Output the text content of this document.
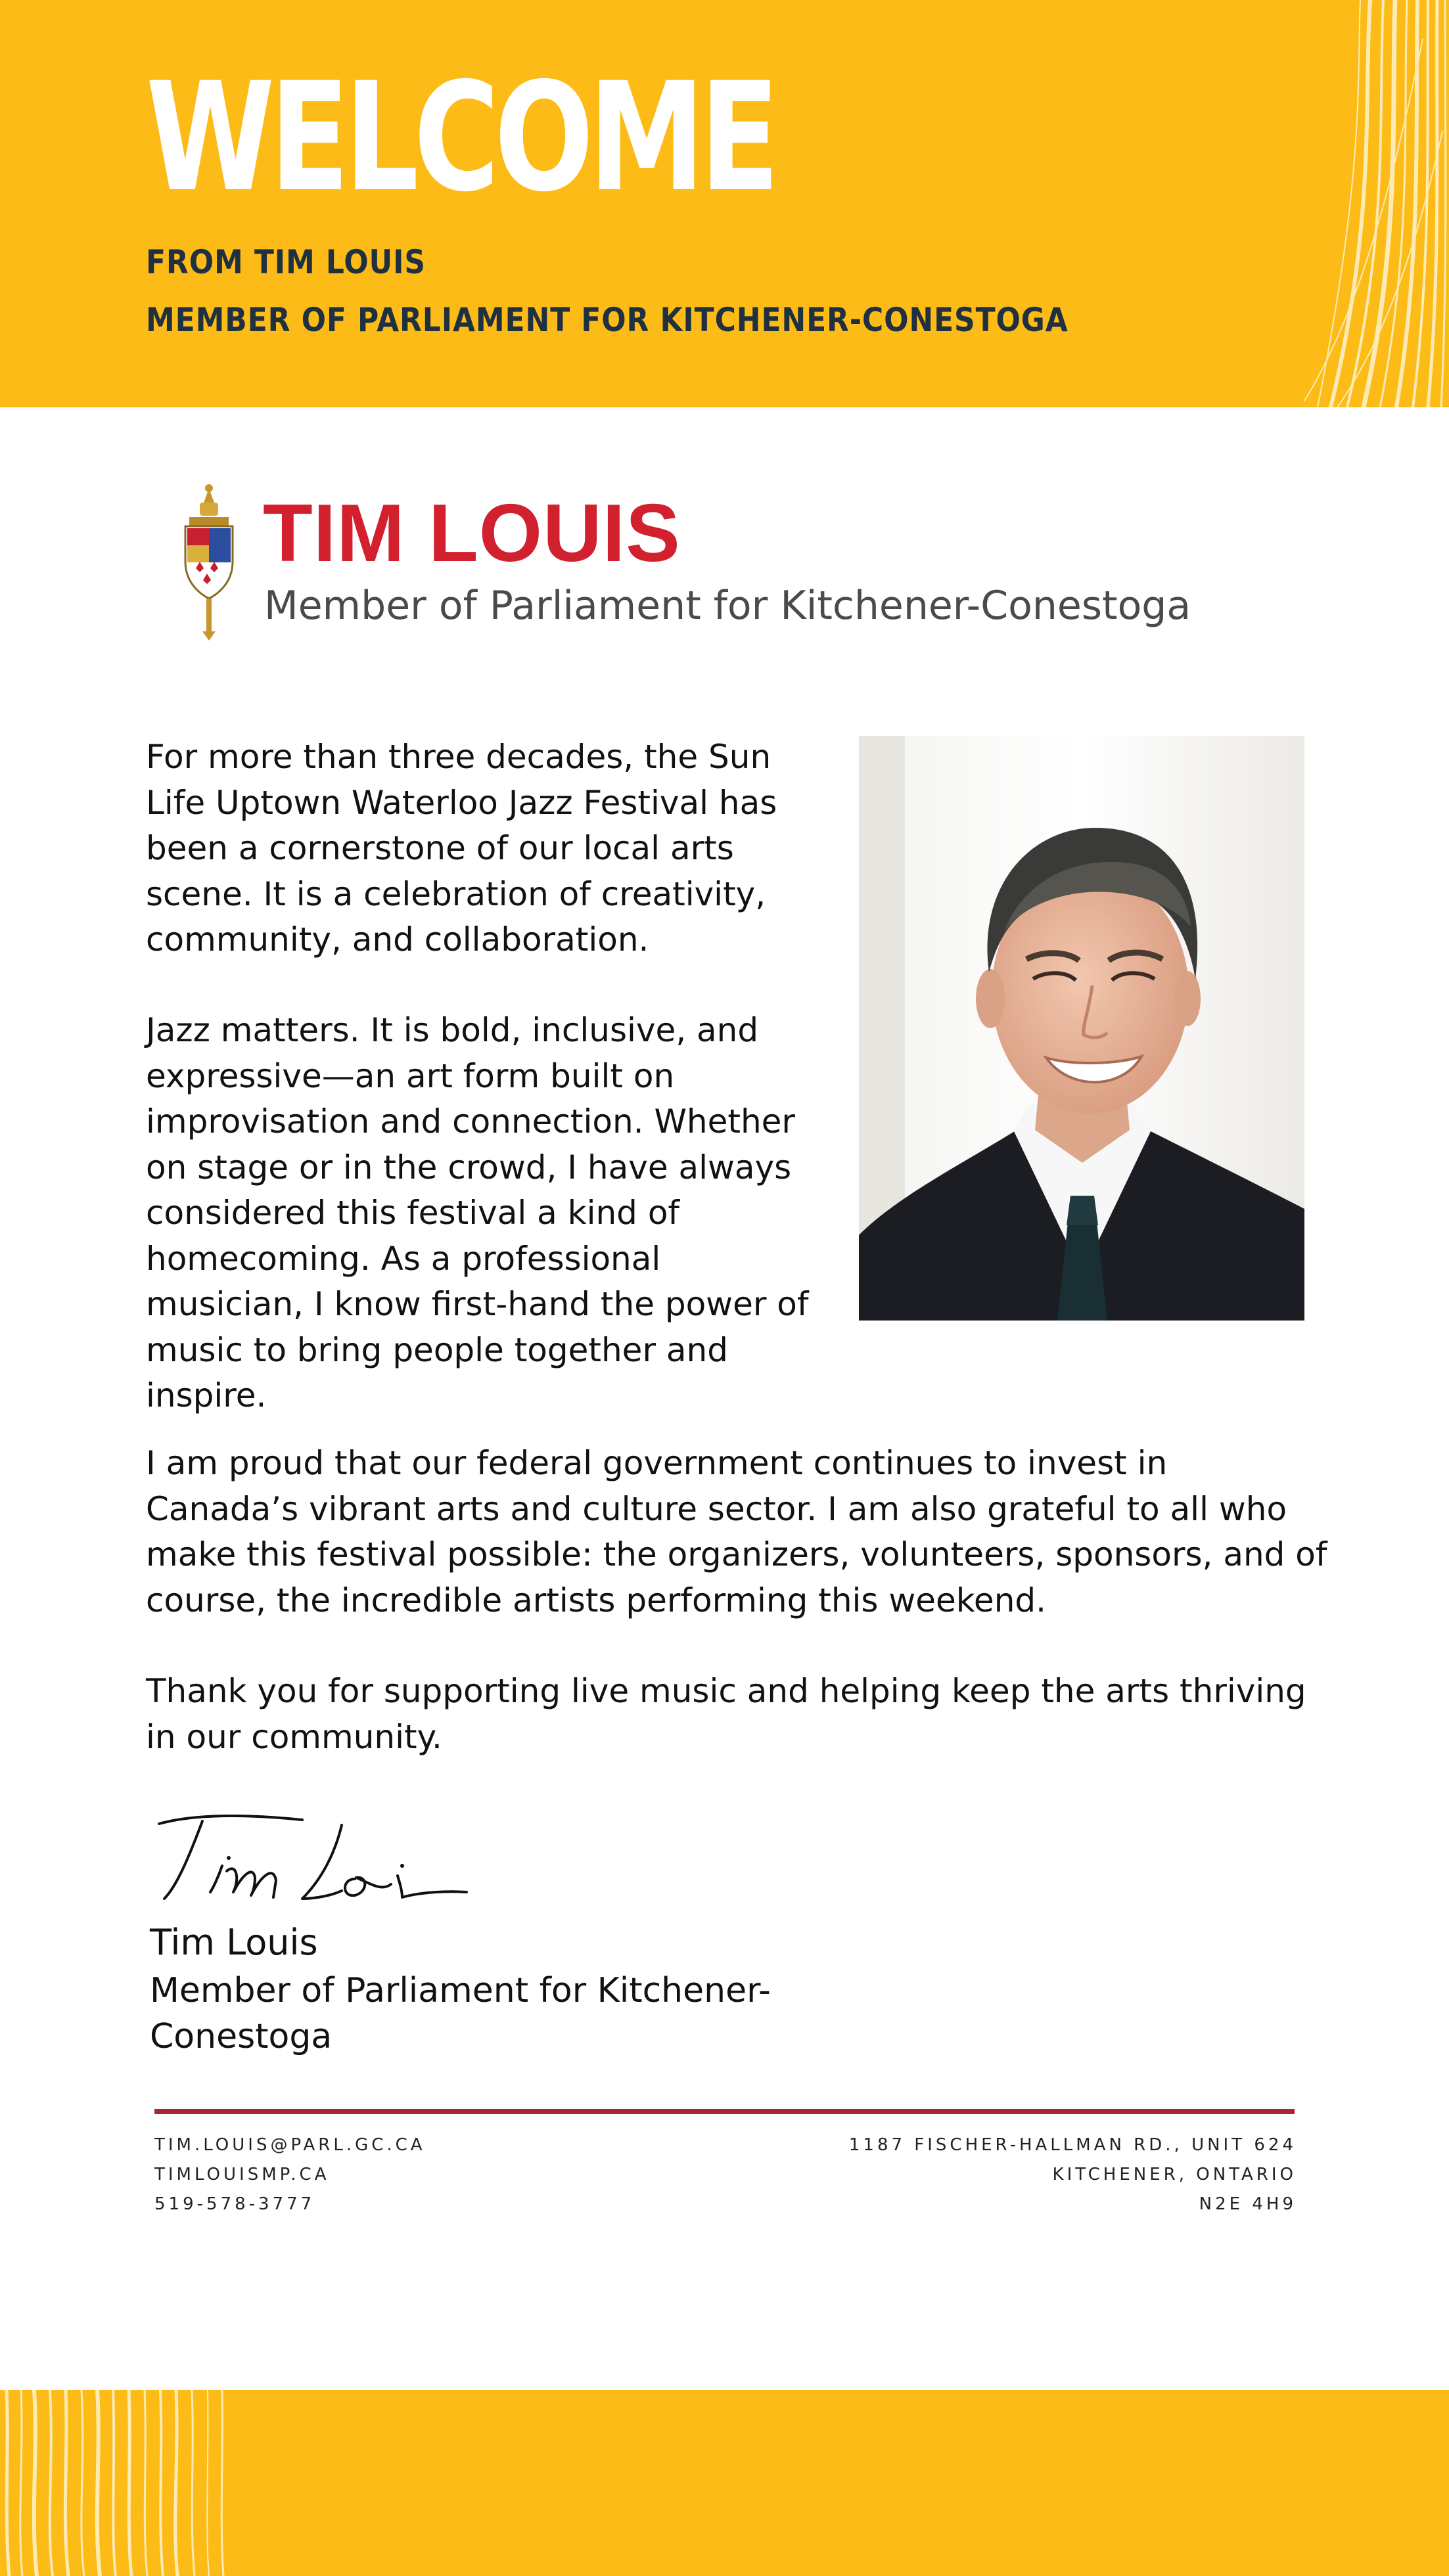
WELCOME

FROM TIM LOUIS

MEMBER OF PARLIAMENT FOR KITCHENER-CONESTOGA

TIM LOUIS

Member of Parliament for Kitchener-Conestoga

For more than three decades, the Sun Life Uptown Waterloo Jazz Festival has been a cornerstone of our local arts scene. It is a celebration of creativity, community, and collaboration.

Jazz matters. It is bold, inclusive, and expressive—an art form built on improvisation and connection. Whether on stage or in the crowd, I have always considered this festival a kind of homecoming. As a professional musician, I know first-hand the power of music to bring people together and inspire.

I am proud that our federal government continues to invest in Canada’s vibrant arts and culture sector. I am also grateful to all who make this festival possible: the organizers, volunteers, sponsors, and of course, the incredible artists performing this weekend.

Thank you for supporting live music and helping keep the arts thriving in our community.

Tim Louis

Member of Parliament for Kitchener-Conestoga

TIM.LOUIS@PARL.GC.CA
TIMLOUISMP.CA
519-578-3777

1187 FISCHER-HALLMAN RD., UNIT 624
KITCHENER, ONTARIO
N2E 4H9
